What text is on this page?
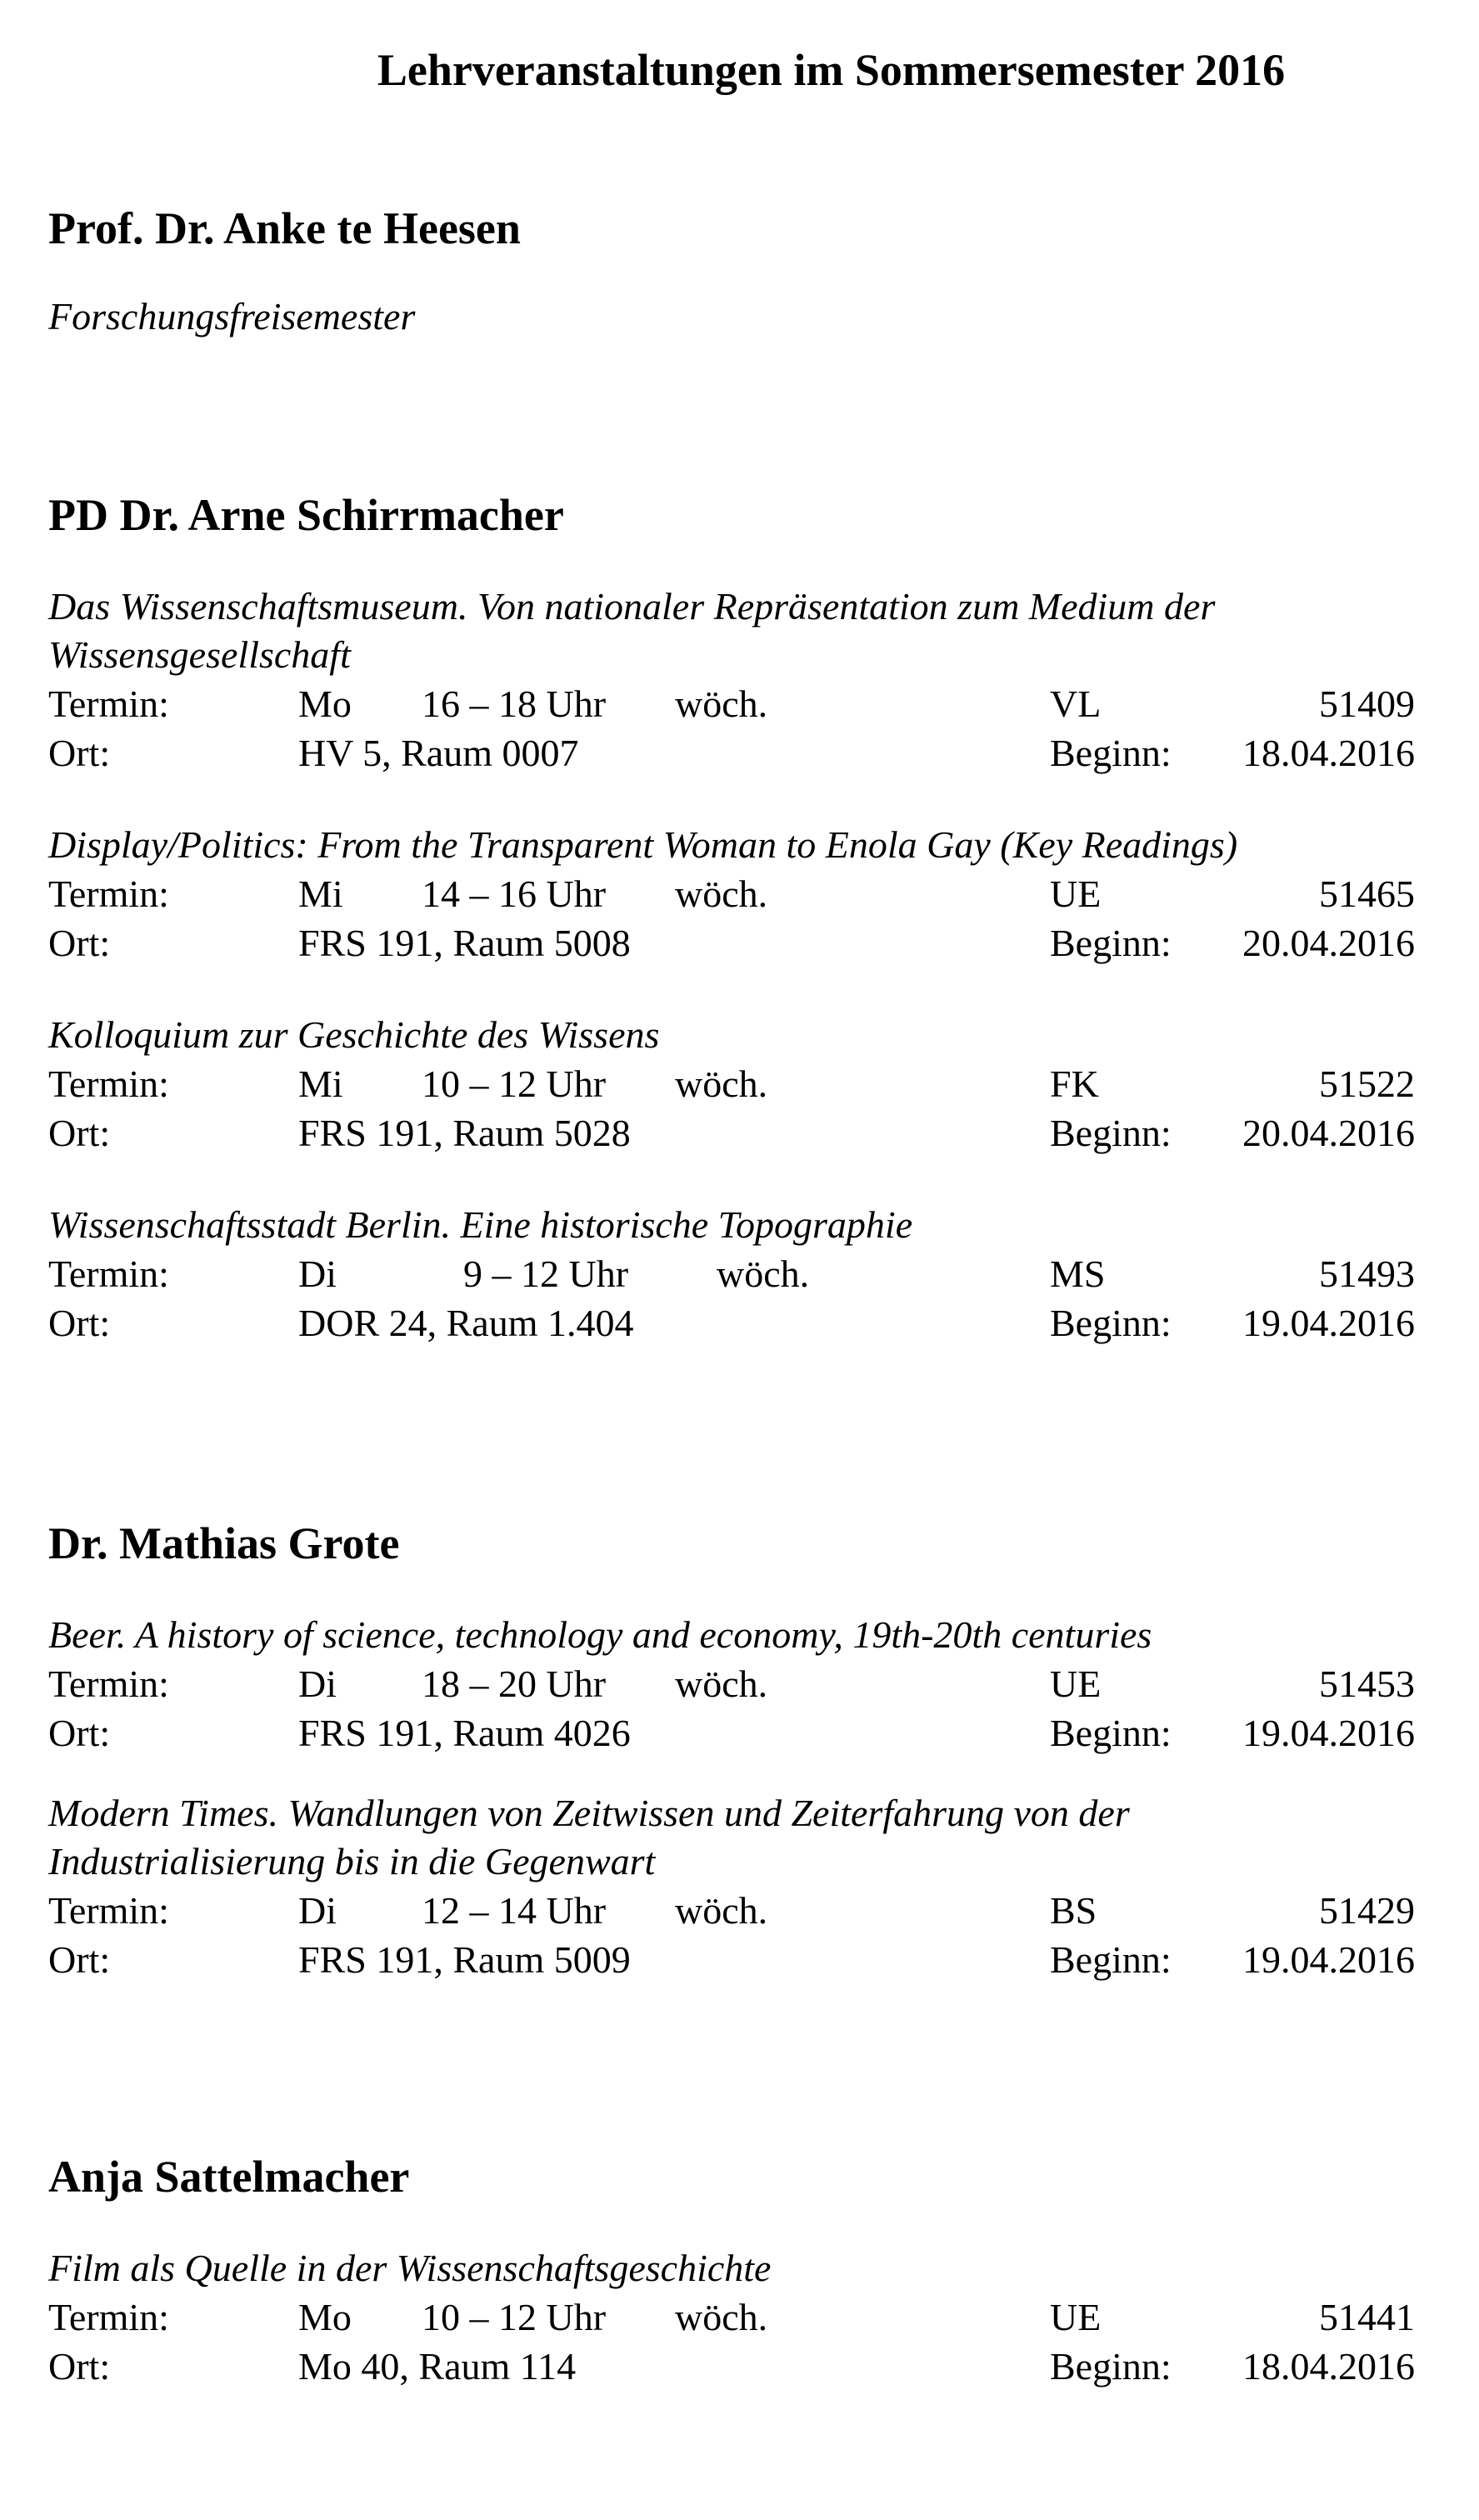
Lehrveranstaltungen im Sommersemester 2016
Prof. Dr. Anke te Heesen
Forschungsfreisemester
PD Dr. Arne Schirrmacher
Das Wissenschaftsmuseum. Von nationaler Repräsentation zum Medium der
Wissensgesellschaft
Termin:	Mo 16 – 18 Uhr wöch.	VL	51409
Ort:	HV 5, Raum 0007	Beginn: 18.04.2016
Display/Politics: From the Transparent Woman to Enola Gay (Key Readings)
Termin:	Mi 14 – 16 Uhr wöch.	UE	51465
Ort:	FRS 191, Raum 5008	Beginn: 20.04.2016
Kolloquium zur Geschichte des Wissens
Termin:	Mi 10 – 12 Uhr wöch.	FK	51522
Ort:	FRS 191, Raum 5028	Beginn: 20.04.2016
Wissenschaftsstadt Berlin. Eine historische Topographie
Termin:	Di	9 – 12 Uhr wöch.	MS	51493
Ort:	DOR 24, Raum 1.404	Beginn: 19.04.2016
Dr. Mathias Grote
Beer. A history of science, technology and economy, 19th-20th centuries
Termin:	Di 18 – 20 Uhr wöch.	UE	51453
Ort:	FRS 191, Raum 4026	Beginn: 19.04.2016
Modern Times. Wandlungen von Zeitwissen und Zeiterfahrung von der
Industrialisierung bis in die Gegenwart
Termin:	Di 12 – 14 Uhr wöch.	BS	51429
Ort:	FRS 191, Raum 5009	Beginn: 19.04.2016
Anja Sattelmacher
Film als Quelle in der Wissenschaftsgeschichte
Termin:	Mo 10 – 12 Uhr wöch.	UE	51441
Ort:	Mo 40, Raum 114	Beginn: 18.04.2016
